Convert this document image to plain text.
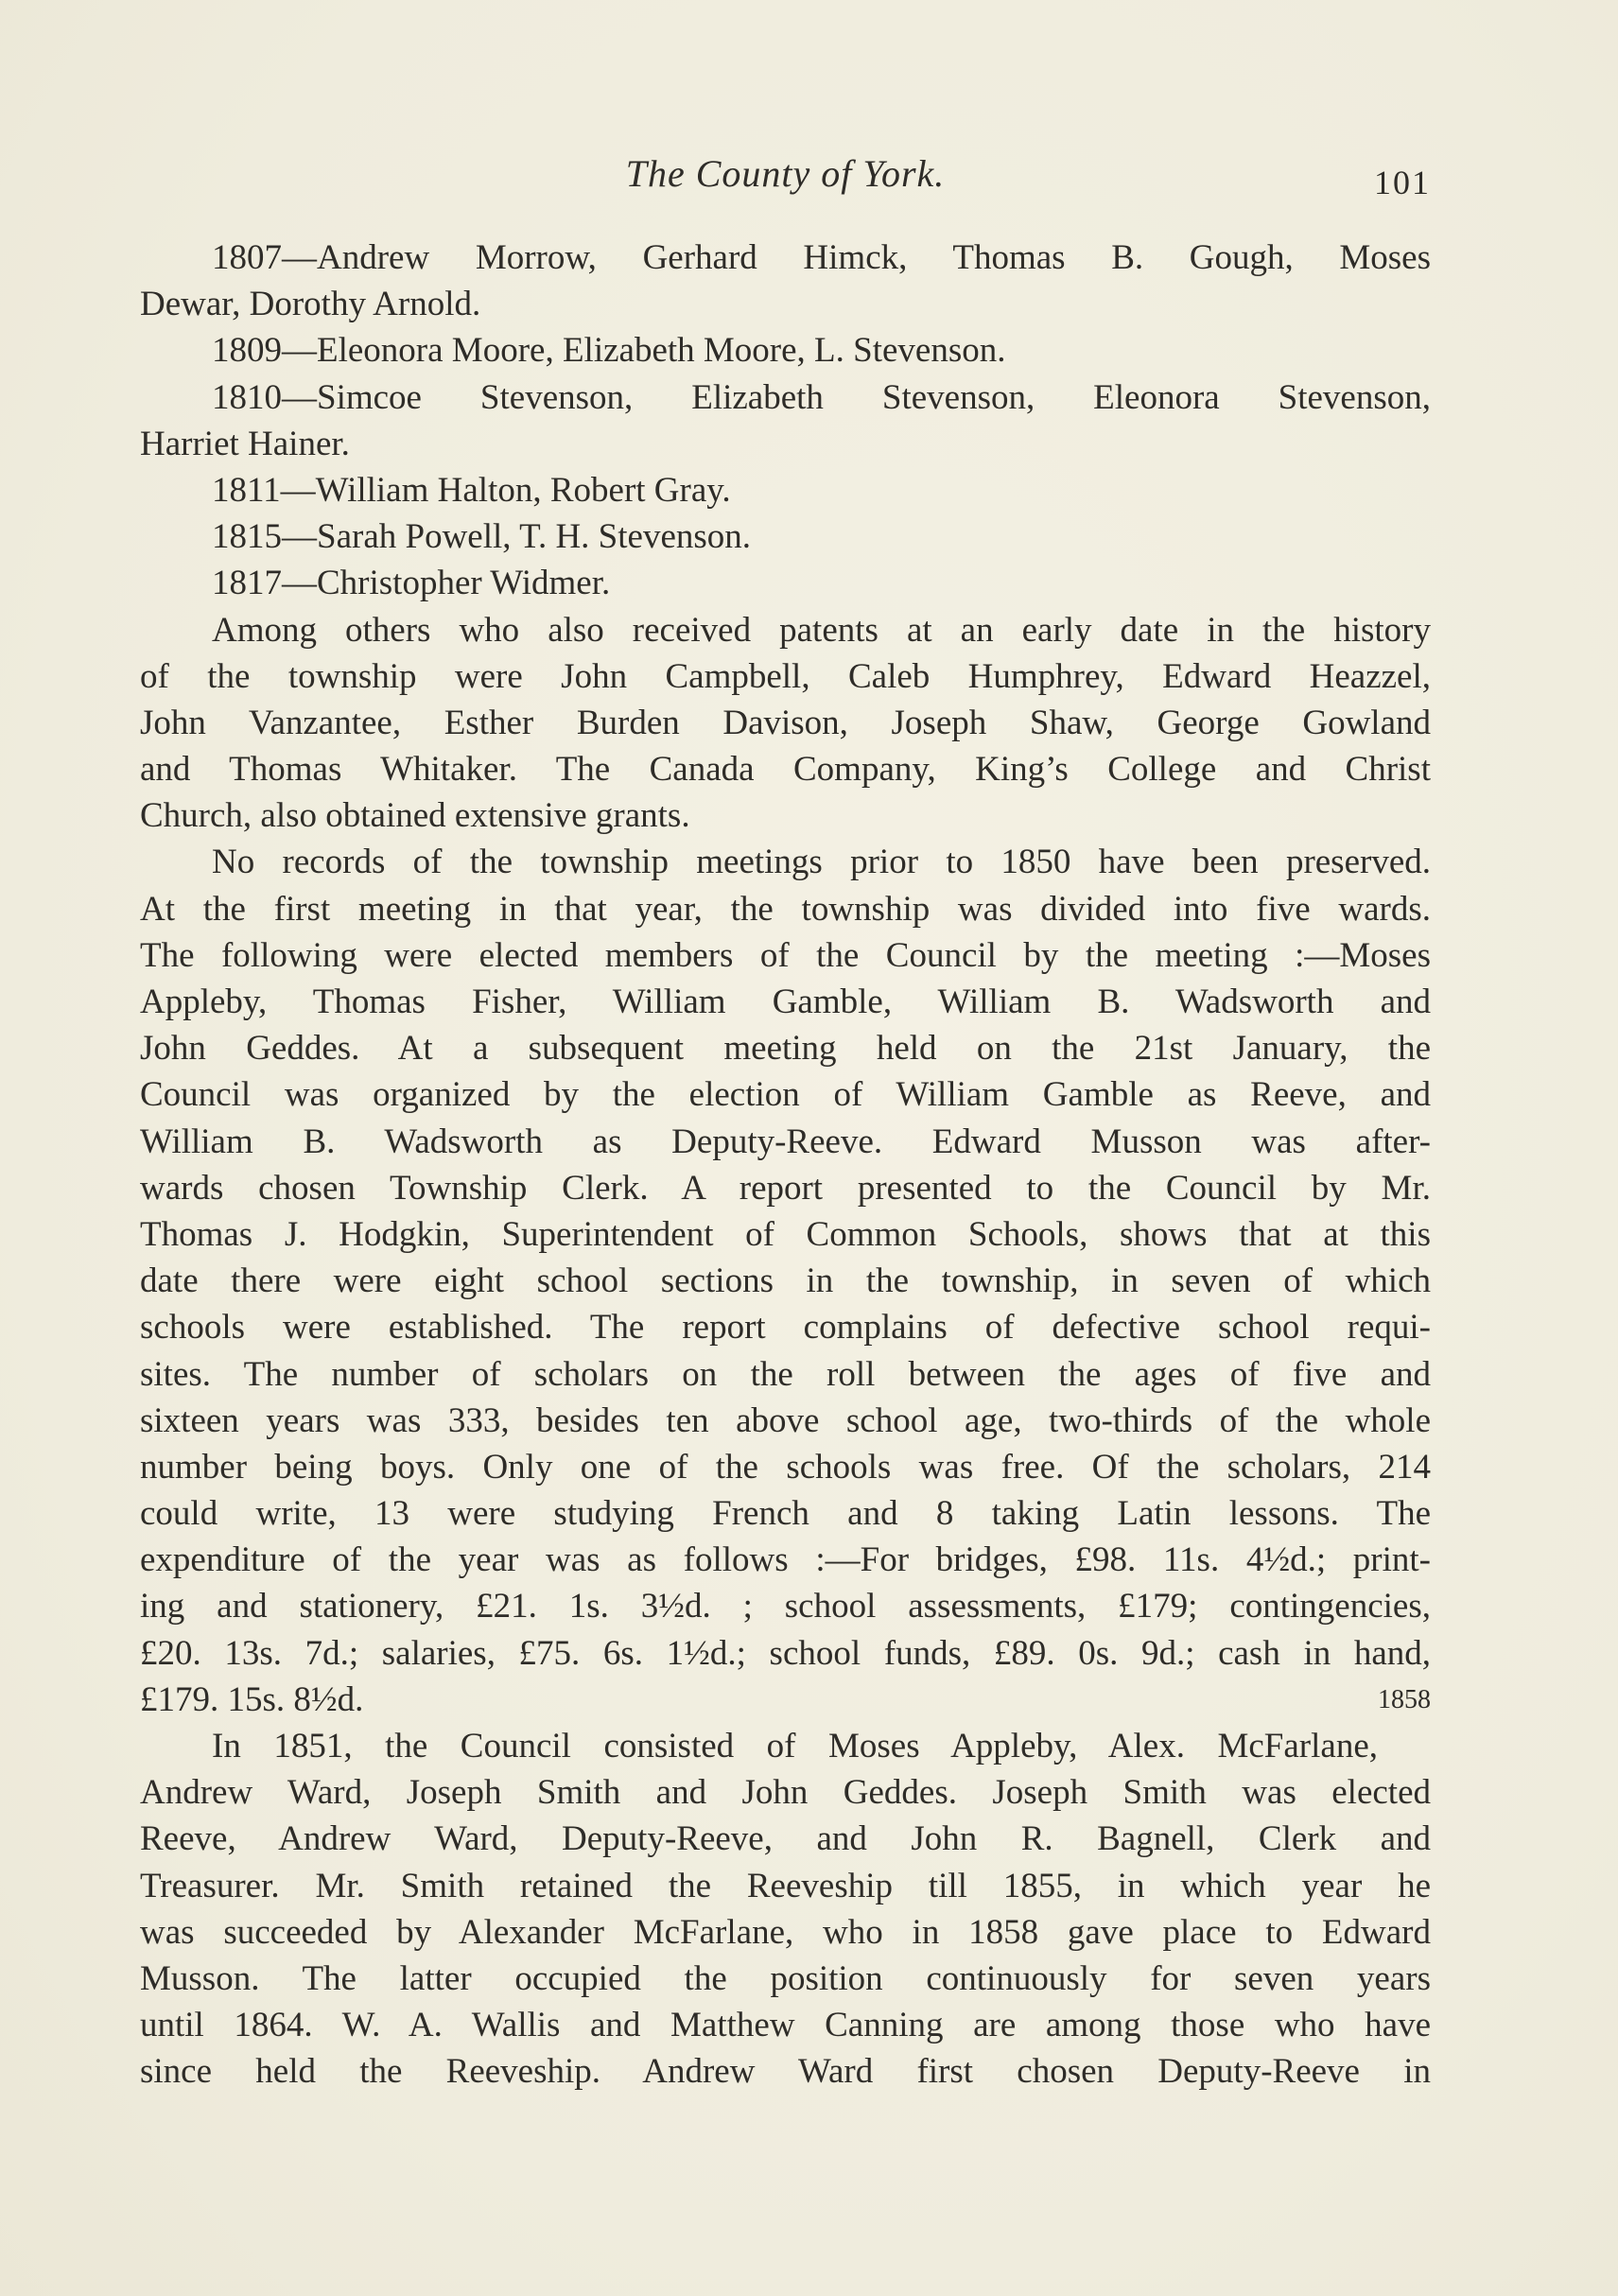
The County of York.	101
1807—Andrew Morrow, Gerhard Himck, Thomas B. Gough, Moses
Dewar, Dorothy Arnold.
1809—Eleonora Moore, Elizabeth Moore, L. Stevenson.
1810—Simcoe Stevenson, Elizabeth Stevenson, Eleonora Stevenson,
Harriet Hainer.
1811—William Halton, Robert Gray.
1815—Sarah Powell, T. H. Stevenson.
1817—Christopher Widmer.
Among others who also received patents at an early date in the history
of the township were John Campbell, Caleb Humphrey, Edward Heazzel,
John Vanzantee, Esther Burden Davison, Joseph Shaw, George Gowland
and Thomas Whitaker. The Canada Company, King’s College and Christ
Church, also obtained extensive grants.
No records of the township meetings prior to 1850 have been preserved.
At the first meeting in that year, the township was divided into five wards.
The following were elected members of the Council by the meeting :—Moses
Appleby, Thomas Fisher, William Gamble, William B. Wadsworth and
John Geddes. At a subsequent meeting held on the 21st January, the
Council was organized by the election of William Gamble as Reeve, and
William B. Wadsworth as Deputy-Reeve. Edward Musson was after-
wards chosen Township Clerk. A report presented to the Council by Mr.
Thomas J. Hodgkin, Superintendent of Common Schools, shows that at this
date there were eight school sections in the township, in seven of which
schools were established. The report complains of defective school requi-
sites. The number of scholars on the roll between the ages of five and
sixteen years was 333, besides ten above school age, two-thirds of the whole
number being boys. Only one of the schools was free. Of the scholars, 214
could write, 13 were studying French and 8 taking Latin lessons. The
expenditure of the year was as follows :—For bridges, £98. 11s. 4½d.; print-
ing and stationery, £21. 1s. 3½d. ; school assessments, £179; contingencies,
£20. 13s. 7d.; salaries, £75. 6s. 1½d.; school funds, £89. 0s. 9d.; cash in hand,
£179. 15s. 8½d.	1858
In 1851, the Council consisted of Moses Appleby, Alex. McFarlane,
Andrew Ward, Joseph Smith and John Geddes. Joseph Smith was elected
Reeve, Andrew Ward, Deputy-Reeve, and John R. Bagnell, Clerk and
Treasurer. Mr. Smith retained the Reeveship till 1855, in which year he
was succeeded by Alexander McFarlane, who in 1858 gave place to Edward
Musson. The latter occupied the position continuously for seven years
until 1864. W. A. Wallis and Matthew Canning are among those who have
since held the Reeveship. Andrew Ward first chosen Deputy-Reeve in
